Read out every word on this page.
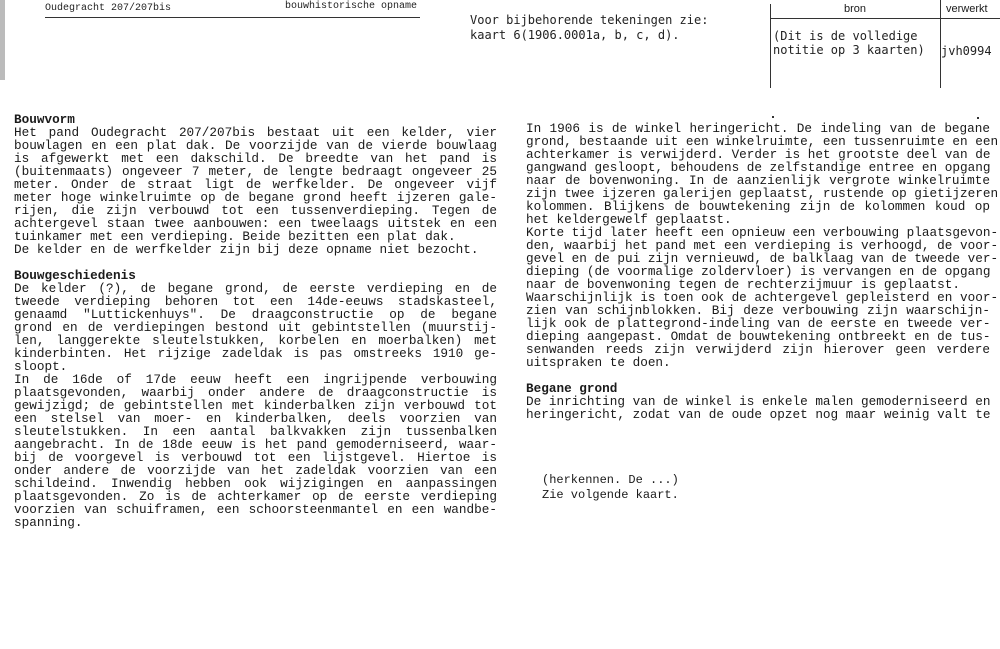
Oudegracht 207/207bis	bouwhistorische opname
Voor bijbehorende tekeningen zie:
kaart 6(1906.0001a, b, c, d).
bron	verwerkt
(Dit is de volledige
notitie op 3 kaarten) jvh0994
Bouwvorm
Het pand Oudegracht 207/207bis bestaat uit een kelder, vier
bouwlagen en een plat dak. De voorzijde van de vierde bouwlaag
is afgewerkt met een dakschild. De breedte van het pand is
(buitenmaats) ongeveer 7 meter, de lengte bedraagt ongeveer 25
meter. Onder de straat ligt de werfkelder. De ongeveer vijf
meter hoge winkelruimte op de begane grond heeft ijzeren gale-
rijen, die zijn verbouwd tot een tussenverdieping. Tegen de
achtergevel staan twee aanbouwen: een tweelaags uitstek en een
tuinkamer met een verdieping. Beide bezitten een plat dak.
De kelder en de werfkelder zijn bij deze opname niet bezocht.
Bouwgeschiedenis
De kelder (?), de begane grond, de eerste verdieping en de
tweede verdieping behoren tot een 14de-eeuws stadskasteel,
genaamd "Luttickenhuys". De draagconstructie op de begane
grond en de verdiepingen bestond uit gebintstellen (muurstij-
len, langgerekte sleutelstukken, korbelen en moerbalken) met
kinderbinten. Het rijzige zadeldak is pas omstreeks 1910 ge-
sloopt.
In de 16de of 17de eeuw heeft een ingrijpende verbouwing
plaatsgevonden, waarbij onder andere de draagconstructie is
gewijzigd; de gebintstellen met kinderbalken zijn verbouwd tot
een stelsel van moer- en kinderbalken, deels voorzien van
sleutelstukken. In een aantal balkvakken zijn tussenbalken
aangebracht. In de 18de eeuw is het pand gemoderniseerd, waar-
bij de voorgevel is verbouwd tot een lijstgevel. Hiertoe is
onder andere de voorzijde van het zadeldak voorzien van een
schildeind. Inwendig hebben ook wijzigingen en aanpassingen
plaatsgevonden. Zo is de achterkamer op de eerste verdieping
voorzien van schuiframen, een schoorsteenmantel en een wandbe-
spanning.
In 1906 is de winkel heringericht. De indeling van de begane
grond, bestaande uit een winkelruimte, een tussenruimte en een
achterkamer is verwijderd. Verder is het grootste deel van de
gangwand gesloopt, behoudens de zelfstandige entree en opgang
naar de bovenwoning. In de aanzienlijk vergrote winkelruimte
zijn twee ijzeren galerijen geplaatst, rustende op gietijzeren
kolommen. Blijkens de bouwtekening zijn de kolommen koud op
het keldergewelf geplaatst.
Korte tijd later heeft een opnieuw een verbouwing plaatsgevon-
den, waarbij het pand met een verdieping is verhoogd, de voor-
gevel en de pui zijn vernieuwd, de balklaag van de tweede ver-
dieping (de voormalige zoldervloer) is vervangen en de opgang
naar de bovenwoning tegen de rechterzijmuur is geplaatst.
Waarschijnlijk is toen ook de achtergevel gepleisterd en voor-
zien van schijnblokken. Bij deze verbouwing zijn waarschijn-
lijk ook de plattegrond-indeling van de eerste en tweede ver-
dieping aangepast. Omdat de bouwtekening ontbreekt en de tus-
senwanden reeds zijn verwijderd zijn hierover geen verdere
uitspraken te doen.
Begane grond
De inrichting van de winkel is enkele malen gemoderniseerd en
heringericht, zodat van de oude opzet nog maar weinig valt te
(herkennen. De ...)
Zie volgende kaart.
